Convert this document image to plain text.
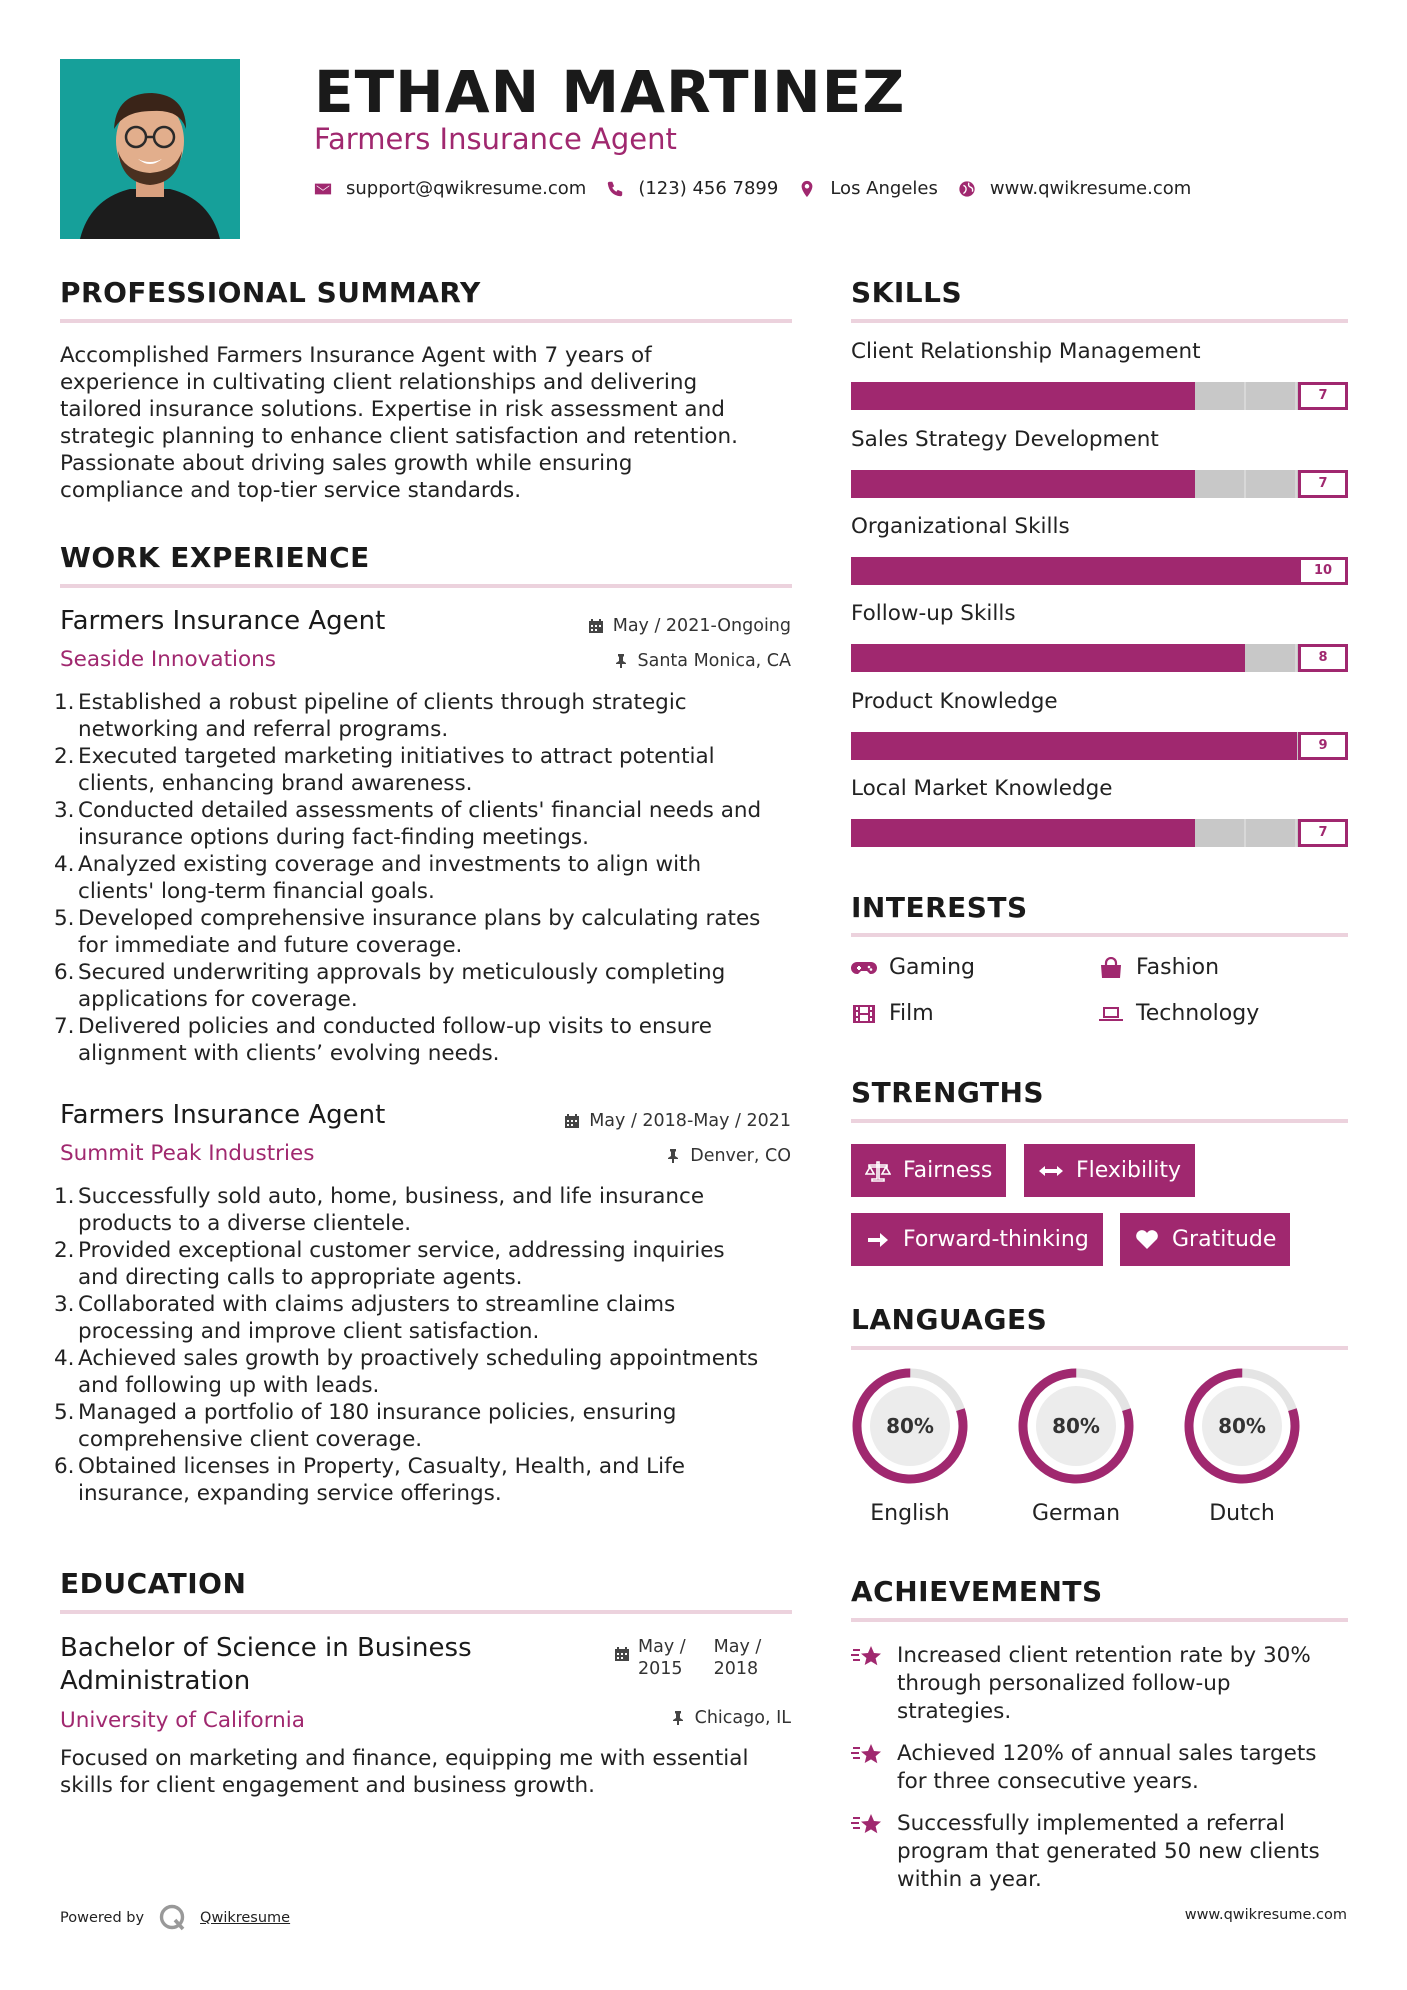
ETHAN MARTINEZ
Farmers Insurance Agent
support@qwikresume.com	(123) 456 7899	Los Angeles	www.qwikresume.com
PROFESSIONAL SUMMARY
Accomplished Farmers Insurance Agent with 7 years of
experience in cultivating client relationships and delivering
tailored insurance solutions. Expertise in risk assessment and
strategic planning to enhance client satisfaction and retention.
Passionate about driving sales growth while ensuring
compliance and top-tier service standards.
WORK EXPERIENCE
Farmers Insurance Agent	May / 2021-Ongoing
Seaside Innovations	Santa Monica, CA
1. Established a robust pipeline of clients through strategic
networking and referral programs.
2. Executed targeted marketing initiatives to attract potential
clients, enhancing brand awareness.
3. Conducted detailed assessments of clients' financial needs and
insurance options during fact-finding meetings.
4. Analyzed existing coverage and investments to align with
clients' long-term financial goals.
5. Developed comprehensive insurance plans by calculating rates
for immediate and future coverage.
6. Secured underwriting approvals by meticulously completing
applications for coverage.
7. Delivered policies and conducted follow-up visits to ensure
alignment with clients’ evolving needs.
Farmers Insurance Agent	May / 2018-May / 2021
Summit Peak Industries	Denver, CO
1. Successfully sold auto, home, business, and life insurance
products to a diverse clientele.
2. Provided exceptional customer service, addressing inquiries
and directing calls to appropriate agents.
3. Collaborated with claims adjusters to streamline claims
processing and improve client satisfaction.
4. Achieved sales growth by proactively scheduling appointments
and following up with leads.
5. Managed a portfolio of 180 insurance policies, ensuring
comprehensive client coverage.
6. Obtained licenses in Property, Casualty, Health, and Life
insurance, expanding service offerings.
EDUCATION
Bachelor of Science in Business
Administration
May /
2015
May /
2018
University of California	Chicago, IL
Focused on marketing and finance, equipping me with essential
skills for client engagement and business growth.
SKILLS
Client Relationship Management
7
Sales Strategy Development
7
Organizational Skills
10
Follow-up Skills
8
Product Knowledge
9
Local Market Knowledge
7
INTERESTS
Gaming	Fashion
Film	Technology
STRENGTHS
Fairness	Flexibility
Forward-thinking	Gratitude
LANGUAGES
80%
English
80%
German
80%
Dutch
ACHIEVEMENTS
Increased client retention rate by 30%
through personalized follow-up
strategies.
Achieved 120% of annual sales targets
for three consecutive years.
Successfully implemented a referral
program that generated 50 new clients
within a year.
Powered by	Qwikresume	www.qwikresume.com
